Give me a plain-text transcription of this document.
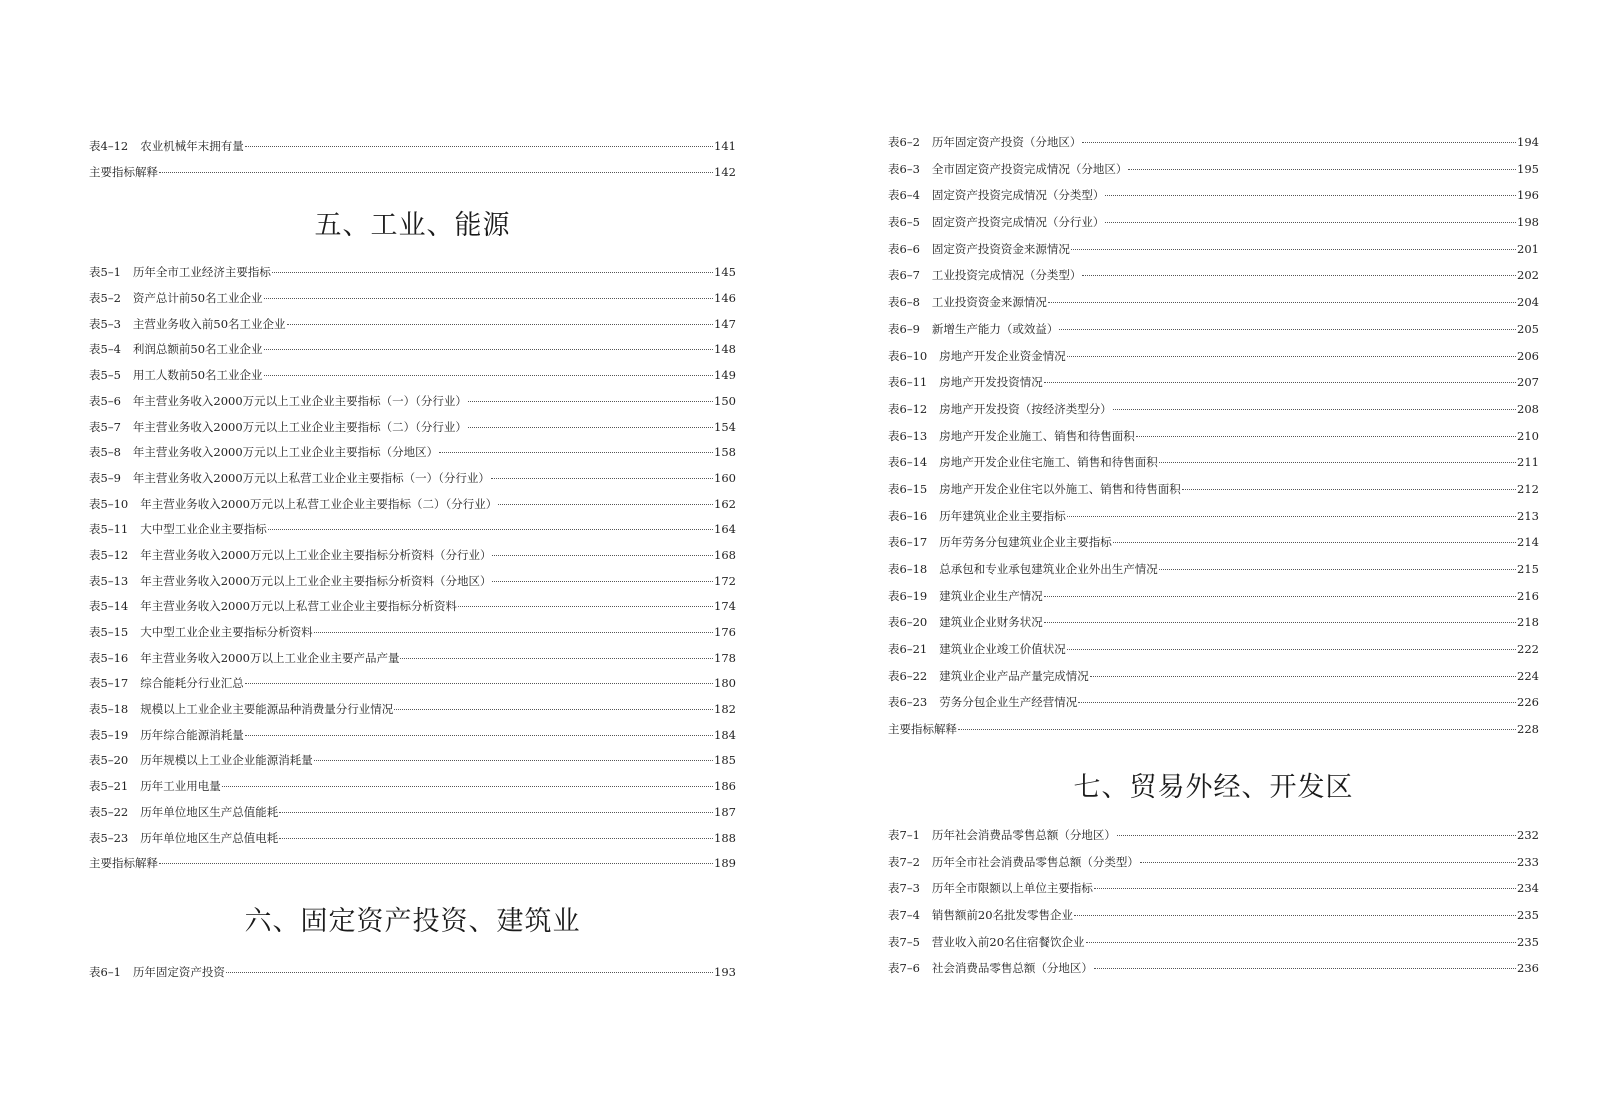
表4–12 农业机械年末拥有量	141
主要指标解释	142
五、工业、能源
表5–1 历年全市工业经济主要指标	145
表5–2 资产总计前50名工业企业	146
表5–3 主营业务收入前50名工业企业	147
表5–4 利润总额前50名工业企业	148
表5–5 用工人数前50名工业企业	149
表5–6 年主营业务收入2000万元以上工业企业主要指标（一）（分行业）	150
表5–7 年主营业务收入2000万元以上工业企业主要指标（二）（分行业）	154
表5–8 年主营业务收入2000万元以上工业企业主要指标（分地区）	158
表5–9 年主营业务收入2000万元以上私营工业企业主要指标（一）（分行业）	160
表5–10 年主营业务收入2000万元以上私营工业企业主要指标（二）（分行业）	162
表5–11 大中型工业企业主要指标	164
表5–12 年主营业务收入2000万元以上工业企业主要指标分析资料（分行业）	168
表5–13 年主营业务收入2000万元以上工业企业主要指标分析资料（分地区）	172
表5–14 年主营业务收入2000万元以上私营工业企业主要指标分析资料	174
表5–15 大中型工业企业主要指标分析资料	176
表5–16 年主营业务收入2000万以上工业企业主要产品产量	178
表5–17 综合能耗分行业汇总	180
表5–18 规模以上工业企业主要能源品种消费量分行业情况	182
表5–19 历年综合能源消耗量	184
表5–20 历年规模以上工业企业能源消耗量	185
表5–21 历年工业用电量	186
表5–22 历年单位地区生产总值能耗	187
表5–23 历年单位地区生产总值电耗	188
主要指标解释	189
六、固定资产投资、建筑业
表6–1 历年固定资产投资	193
表6–2 历年固定资产投资（分地区）	194
表6–3 全市固定资产投资完成情况（分地区）	195
表6–4 固定资产投资完成情况（分类型）	196
表6–5 固定资产投资完成情况（分行业）	198
表6–6 固定资产投资资金来源情况	201
表6–7 工业投资完成情况（分类型）	202
表6–8 工业投资资金来源情况	204
表6–9 新增生产能力（或效益）	205
表6–10 房地产开发企业资金情况	206
表6–11 房地产开发投资情况	207
表6–12 房地产开发投资（按经济类型分）	208
表6–13 房地产开发企业施工、销售和待售面积	210
表6–14 房地产开发企业住宅施工、销售和待售面积	211
表6–15 房地产开发企业住宅以外施工、销售和待售面积	212
表6–16 历年建筑业企业主要指标	213
表6–17 历年劳务分包建筑业企业主要指标	214
表6–18 总承包和专业承包建筑业企业外出生产情况	215
表6–19 建筑业企业生产情况	216
表6–20 建筑业企业财务状况	218
表6–21 建筑业企业竣工价值状况	222
表6–22 建筑业企业产品产量完成情况	224
表6–23 劳务分包企业生产经营情况	226
主要指标解释	228
七、贸易外经、开发区
表7–1 历年社会消费品零售总额（分地区）	232
表7–2 历年全市社会消费品零售总额（分类型）	233
表7–3 历年全市限额以上单位主要指标	234
表7–4 销售额前20名批发零售企业	235
表7–5 营业收入前20名住宿餐饮企业	235
表7–6 社会消费品零售总额（分地区）	236
